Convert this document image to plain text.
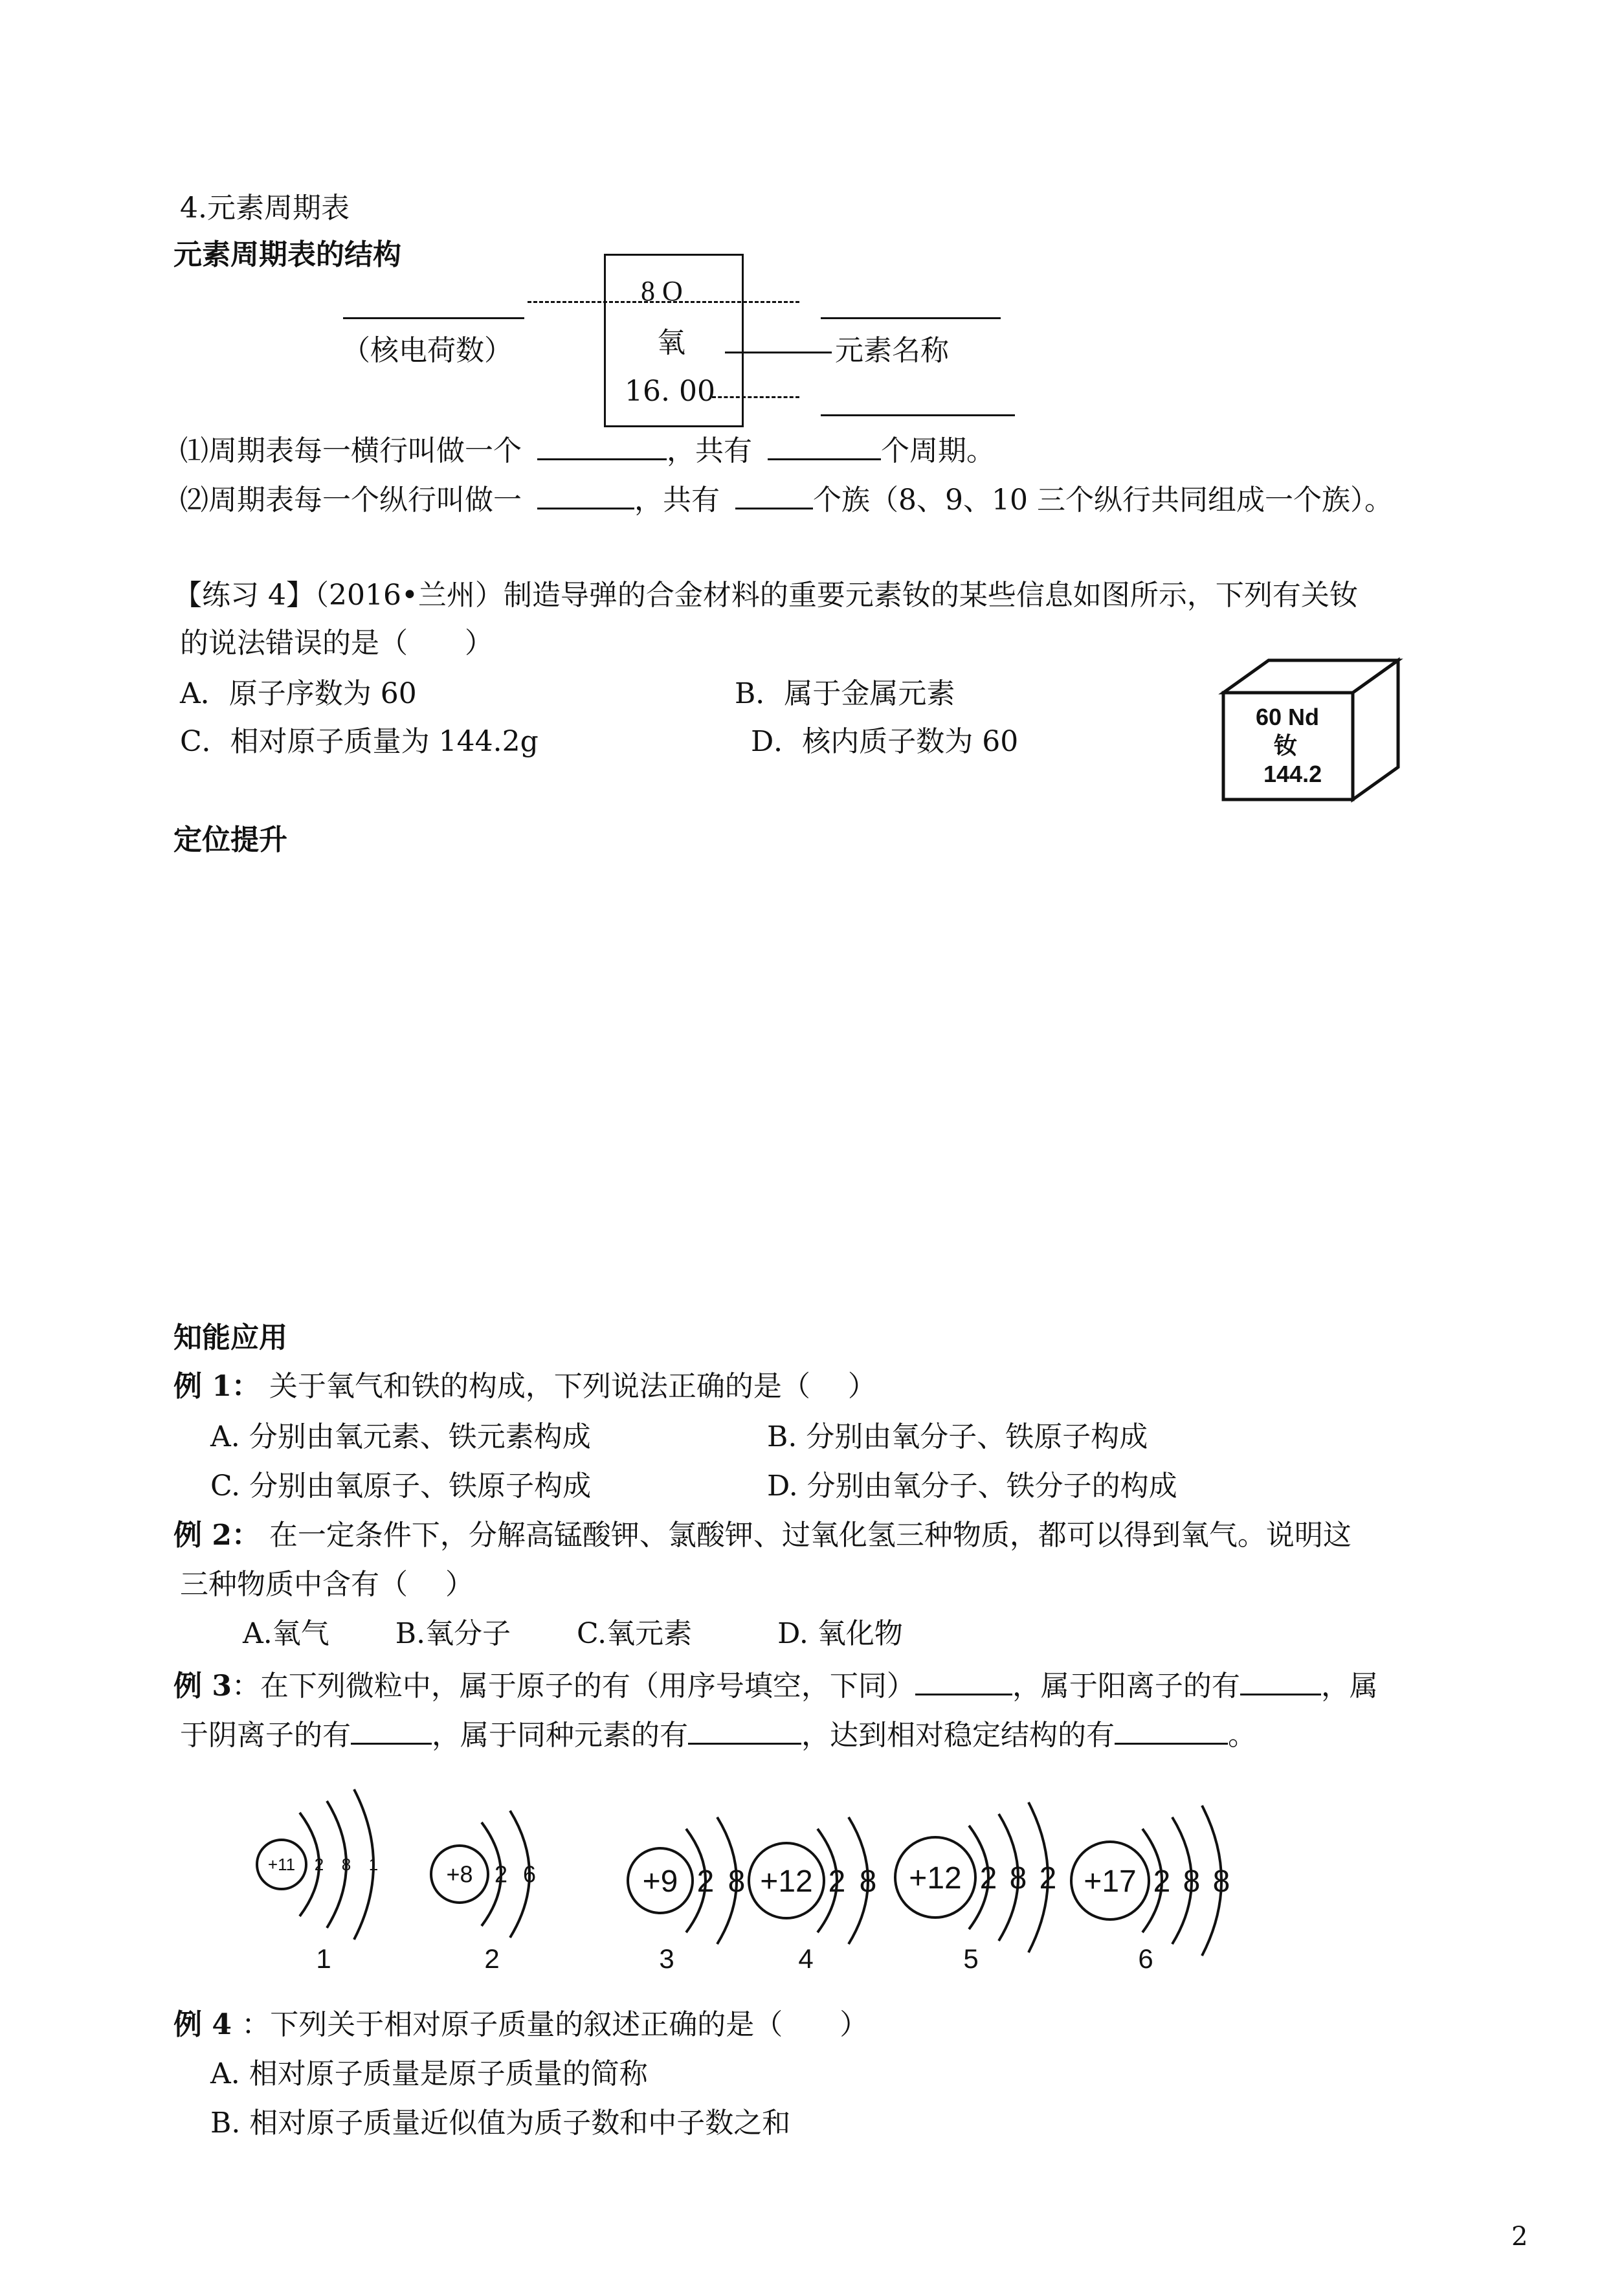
4.元素周期表
元素周期表的结构
8 O
氧
16. 00
（核电荷数）	元素名称
⑴周期表每一横行叫做一个	，共有	个周期。
⑵周期表每一个纵行叫做一	，共有	个族（8、9、10 三个纵行共同组成一个族）。
【练习 4】（2016•兰州）制造导弹的合金材料的重要元素钕的某些信息如图所示，下列有关钕
的说法错误的是（　　）
A．原子序数为 60	B．属于金属元素
C．相对原子质量为 144.2g	D．核内质子数为 60
60 Nd
钕
144.2
定位提升
知能应用
例 1： 关于氧气和铁的构成，下列说法正确的是（　 ）
A. 分别由氧元素、铁元素构成	B. 分别由氧分子、铁原子构成
C. 分别由氧原子、铁原子构成	D. 分别由氧分子、铁分子的构成
例 2： 在一定条件下，分解高锰酸钾、氯酸钾、过氧化氢三种物质，都可以得到氧气。说明这
三种物质中含有（　 ）
A.氧气　　 B.氧分子　　 C.氧元素　　　D. 氧化物
例 3：在下列微粒中，属于原子的有（用序号填空，下同）	，属于阳离子的有	，属
于阴离子的有	，属于同种元素的有	，达到相对稳定结构的有	。
+11 2 8 1
1
+8 2 6
2
+9 2 8
3
+12 2 8
4
+12 2 8 2
5
+17 2 8 8
6
例 4 ：下列关于相对原子质量的叙述正确的是（　　）
A. 相对原子质量是原子质量的简称
B. 相对原子质量近似值为质子数和中子数之和
2
